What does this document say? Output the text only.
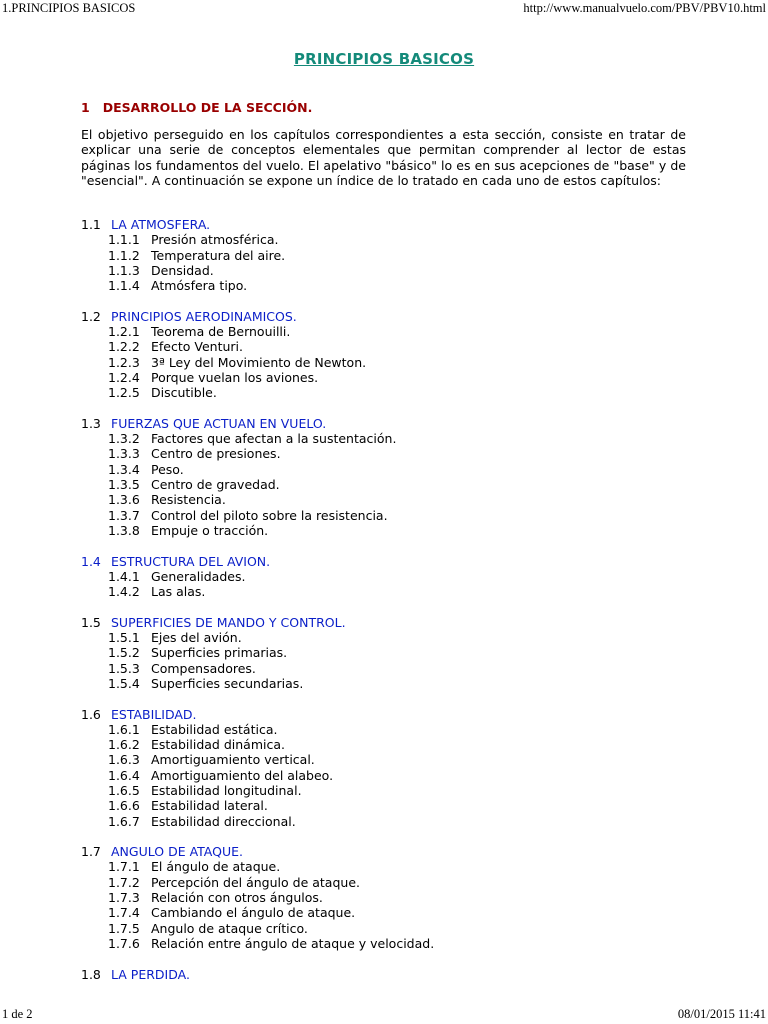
1.PRINCIPIOS BASICOS	http://www.manualvuelo.com/PBV/PBV10.html
PRINCIPIOS BASICOS
1 DESARROLLO DE LA SECCIÓN.

El objetivo perseguido en los capítulos correspondientes a esta sección, consiste en tratar de explicar una serie de conceptos elementales que permitan comprender al lector de estas páginas los fundamentos del vuelo. El apelativo "básico" lo es en sus acepciones de "base" y de "esencial". A continuación se expone un índice de lo tratado en cada uno de estos capítulos:

1.1 LA ATMOSFERA.
1.1.1 Presión atmosférica.
1.1.2 Temperatura del aire.
1.1.3 Densidad.
1.1.4 Atmósfera tipo.
1.2 PRINCIPIOS AERODINAMICOS.
1.2.1 Teorema de Bernouilli.
1.2.2 Efecto Venturi.
1.2.3 3ª Ley del Movimiento de Newton.
1.2.4 Porque vuelan los aviones.
1.2.5 Discutible.
1.3 FUERZAS QUE ACTUAN EN VUELO.
1.3.2 Factores que afectan a la sustentación.
1.3.3 Centro de presiones.
1.3.4 Peso.
1.3.5 Centro de gravedad.
1.3.6 Resistencia.
1.3.7 Control del piloto sobre la resistencia.
1.3.8 Empuje o tracción.
1.4 ESTRUCTURA DEL AVION.
1.4.1 Generalidades.
1.4.2 Las alas.
1.5 SUPERFICIES DE MANDO Y CONTROL.
1.5.1 Ejes del avión.
1.5.2 Superficies primarias.
1.5.3 Compensadores.
1.5.4 Superficies secundarias.
1.6 ESTABILIDAD.
1.6.1 Estabilidad estática.
1.6.2 Estabilidad dinámica.
1.6.3 Amortiguamiento vertical.
1.6.4 Amortiguamiento del alabeo.
1.6.5 Estabilidad longitudinal.
1.6.6 Estabilidad lateral.
1.6.7 Estabilidad direccional.
1.7 ANGULO DE ATAQUE.
1.7.1 El ángulo de ataque.
1.7.2 Percepción del ángulo de ataque.
1.7.3 Relación con otros ángulos.
1.7.4 Cambiando el ángulo de ataque.
1.7.5 Angulo de ataque crítico.
1.7.6 Relación entre ángulo de ataque y velocidad.
1.8 LA PERDIDA.
1 de 2	08/01/2015 11:41
